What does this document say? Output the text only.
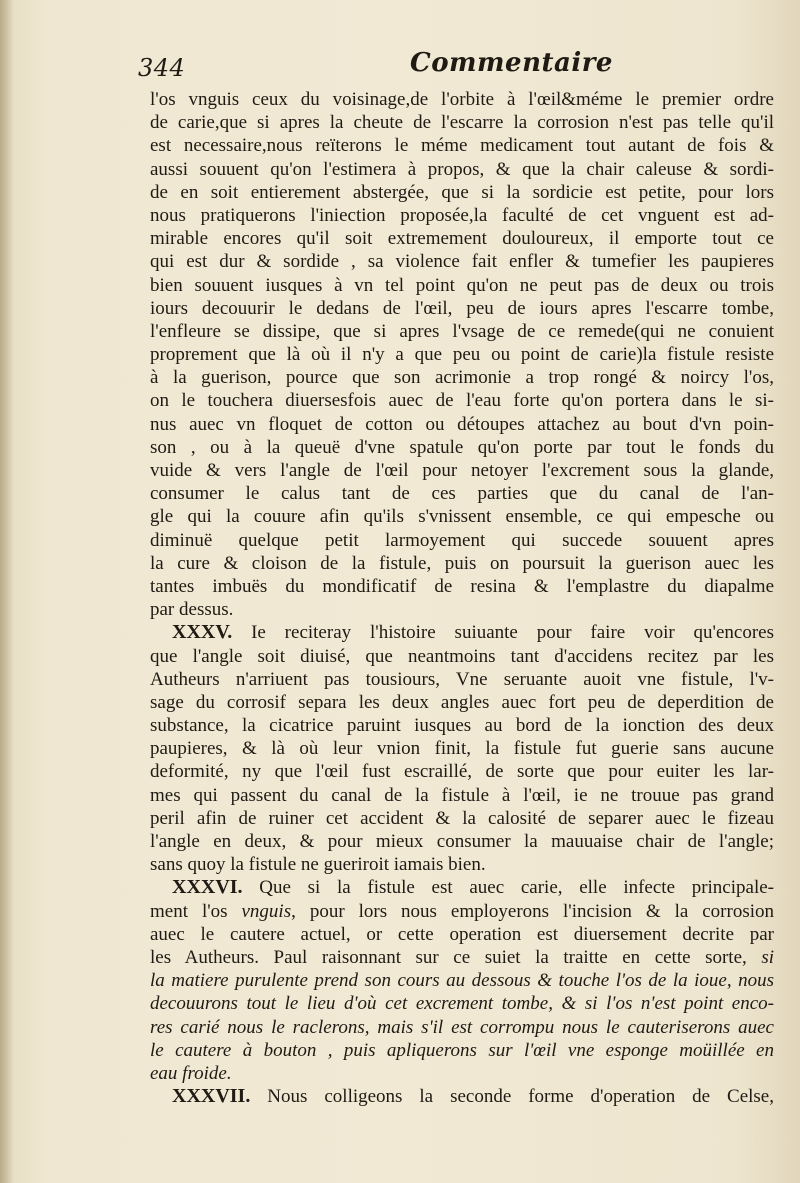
344	Commentaire
l'os vnguis ceux du voisinage,de l'orbite à l'œil&méme le premier ordre
de carie,que si apres la cheute de l'escarre la corrosion n'est pas telle qu'il
est necessaire,nous reïterons le méme medicament tout autant de fois &
aussi souuent qu'on l'estimera à propos, & que la chair caleuse & sordi-
de en soit entierement abstergée, que si la sordicie est petite, pour lors
nous pratiquerons l'iniection proposée,la faculté de cet vnguent est ad-
mirable encores qu'il soit extremement douloureux, il emporte tout ce
qui est dur & sordide , sa violence fait enfler & tumefier les paupieres
bien souuent iusques à vn tel point qu'on ne peut pas de deux ou trois
iours decouurir le dedans de l'œil, peu de iours apres l'escarre tombe,
l'enfleure se dissipe, que si apres l'vsage de ce remede(qui ne conuient
proprement que là où il n'y a que peu ou point de carie)la fistule resiste
à la guerison, pource que son acrimonie a trop rongé & noircy l'os,
on le touchera diuersesfois auec de l'eau forte qu'on portera dans le si-
nus auec vn floquet de cotton ou détoupes attachez au bout d'vn poin-
son , ou à la queuë d'vne spatule qu'on porte par tout le fonds du
vuide & vers l'angle de l'œil pour netoyer l'excrement sous la glande,
consumer le calus tant de ces parties que du canal de l'an-
gle qui la couure afin qu'ils s'vnissent ensemble, ce qui empesche ou
diminuë quelque petit larmoyement qui succede souuent apres
la cure & cloison de la fistule, puis on poursuit la guerison auec les
tantes imbuës du mondificatif de resina & l'emplastre du diapalme
par dessus.
XXXV. Ie reciteray l'histoire suiuante pour faire voir qu'encores
que l'angle soit diuisé, que neantmoins tant d'accidens recitez par les
Autheurs n'arriuent pas tousiours, Vne seruante auoit vne fistule, l'v-
sage du corrosif separa les deux angles auec fort peu de deperdition de
substance, la cicatrice paruint iusques au bord de la ionction des deux
paupieres, & là où leur vnion finit, la fistule fut guerie sans aucune
deformité, ny que l'œil fust escraillé, de sorte que pour euiter les lar-
mes qui passent du canal de la fistule à l'œil, ie ne trouue pas grand
peril afin de ruiner cet accident & la calosité de separer auec le fizeau
l'angle en deux, & pour mieux consumer la mauuaise chair de l'angle;
sans quoy la fistule ne gueriroit iamais bien.
XXXVI. Que si la fistule est auec carie, elle infecte principale-
ment l'os vnguis, pour lors nous employerons l'incision & la corrosion
auec le cautere actuel, or cette operation est diuersement decrite par
les Autheurs. Paul raisonnant sur ce suiet la traitte en cette sorte, si
la matiere purulente prend son cours au dessous & touche l'os de la ioue, nous
decouurons tout le lieu d'où cet excrement tombe, & si l'os n'est point enco-
res carié nous le raclerons, mais s'il est corrompu nous le cauteriserons auec
le cautere à bouton , puis apliquerons sur l'œil vne esponge moüillée en
eau froide.
XXXVII. Nous colligeons la seconde forme d'operation de Celse,
